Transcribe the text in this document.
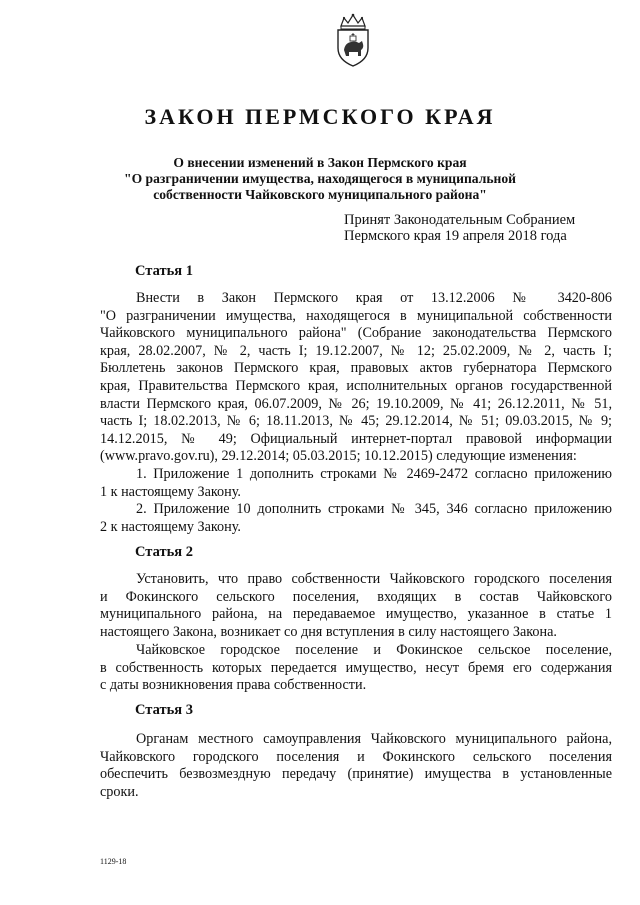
ЗАКОН ПЕРМСКОГО КРАЯ
О внесении изменений в Закон Пермского края
"О разграничении имущества, находящегося в муниципальной
собственности Чайковского муниципального района"
Принят Законодательным Собранием
Пермского края 19 апреля 2018 года
Статья 1
Внести в Закон Пермского края от 13.12.2006 № 3420-806
"О разграничении имущества, находящегося в муниципальной собственности
Чайковского муниципального района" (Собрание законодательства Пермского
края, 28.02.2007, № 2, часть I; 19.12.2007, № 12; 25.02.2009, № 2, часть I;
Бюллетень законов Пермского края, правовых актов губернатора Пермского
края, Правительства Пермского края, исполнительных органов государственной
власти Пермского края, 06.07.2009, № 26; 19.10.2009, № 41; 26.12.2011, № 51,
часть I; 18.02.2013, № 6; 18.11.2013, № 45; 29.12.2014, № 51; 09.03.2015, № 9;
14.12.2015, № 49; Официальный интернет-портал правовой информации
(www.pravo.gov.ru), 29.12.2014; 05.03.2015; 10.12.2015) следующие изменения:
1. Приложение 1 дополнить строками № 2469-2472 согласно приложению
1 к настоящему Закону.
2. Приложение 10 дополнить строками № 345, 346 согласно приложению
2 к настоящему Закону.
Статья 2
Установить, что право собственности Чайковского городского поселения
и Фокинского сельского поселения, входящих в состав Чайковского
муниципального района, на передаваемое имущество, указанное в статье 1
настоящего Закона, возникает со дня вступления в силу настоящего Закона.
Чайковское городское поселение и Фокинское сельское поселение,
в собственность которых передается имущество, несут бремя его содержания
с даты возникновения права собственности.
Статья 3
Органам местного самоуправления Чайковского муниципального района,
Чайковского городского поселения и Фокинского сельского поселения
обеспечить безвозмездную передачу (принятие) имущества в установленные
сроки.
1129-18
